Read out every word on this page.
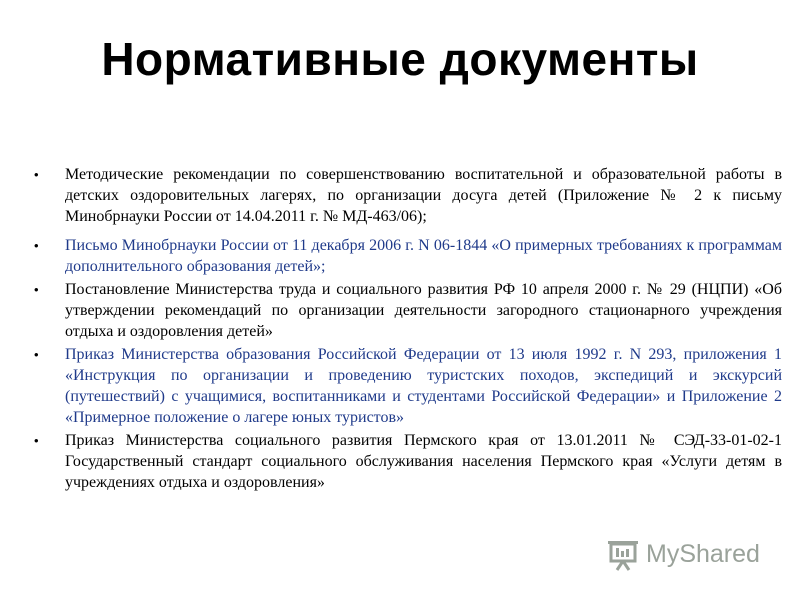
Нормативные документы
• Методические рекомендации по совершенствованию воспитательной и образовательной работы в детских оздоровительных лагерях, по организации досуга детей (Приложение № 2 к письму Минобрнауки России от 14.04.2011 г. № МД-463/06);
• Письмо Минобрнауки России от 11 декабря 2006 г. N 06-1844 «О примерных требованиях к программам дополнительного образования детей»;
• Постановление Министерства труда и социального развития РФ 10 апреля 2000 г. № 29 (НЦПИ) «Об утверждении рекомендаций по организации деятельности загородного стационарного учреждения отдыха и оздоровления детей»
• Приказ Министерства образования Российской Федерации от 13 июля 1992 г. N 293, приложения 1 «Инструкция по организации и проведению туристских походов, экспедиций и экскурсий (путешествий) с учащимися, воспитанниками и студентами Российской Федерации» и Приложение 2 «Примерное положение о лагере юных туристов»
• Приказ Министерства социального развития Пермского края от 13.01.2011 № СЭД-33-01-02-1 Государственный стандарт социального обслуживания населения Пермского края «Услуги детям в учреждениях отдыха и оздоровления»
MyShared
